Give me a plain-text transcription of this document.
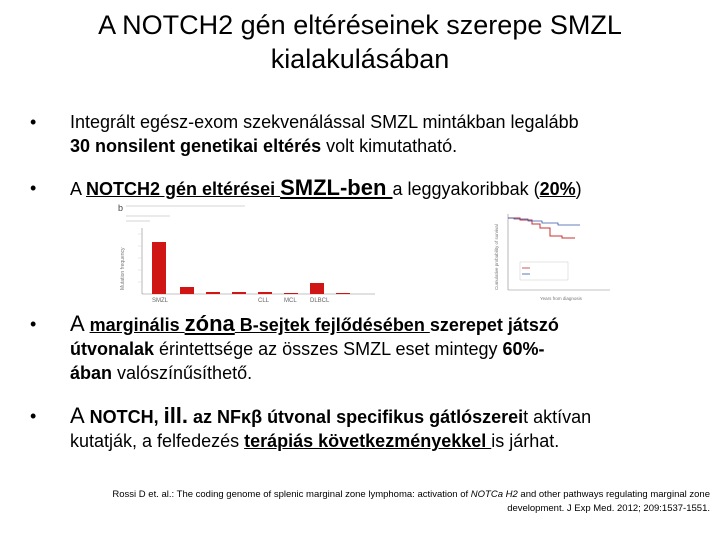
A NOTCH2 gén eltéréseinek szerepe SMZL
kialakulásában
• Integrált egész-exom szekvenálással SMZL mintákban legalább
30 nonsilent genetikai eltérés volt kimutatható.
• A NOTCH2 gén eltérései SMZL-ben a leggyakoribbak (20%)
• A marginális zóna B-sejtek fejlődésében szerepet játszó
útvonalak érintettsége az összes SMZL eset mintegy 60%-
ában valószínűsíthető.
• A NOTCH, ill. az NFκβ útvonal specifikus gátlószereit aktívan
kutatják, a felfedezés terápiás következményekkel is járhat.
b
Mutation frequency
SMZL	CLL MCL DLBCL
Cumulative probability of survival
Years from diagnosis
Rossi D et. al.: The coding genome of splenic marginal zone lymphoma: activation of NOTCa H2 and other pathways regulating marginal zone
development. J Exp Med. 2012; 209:1537-1551.
